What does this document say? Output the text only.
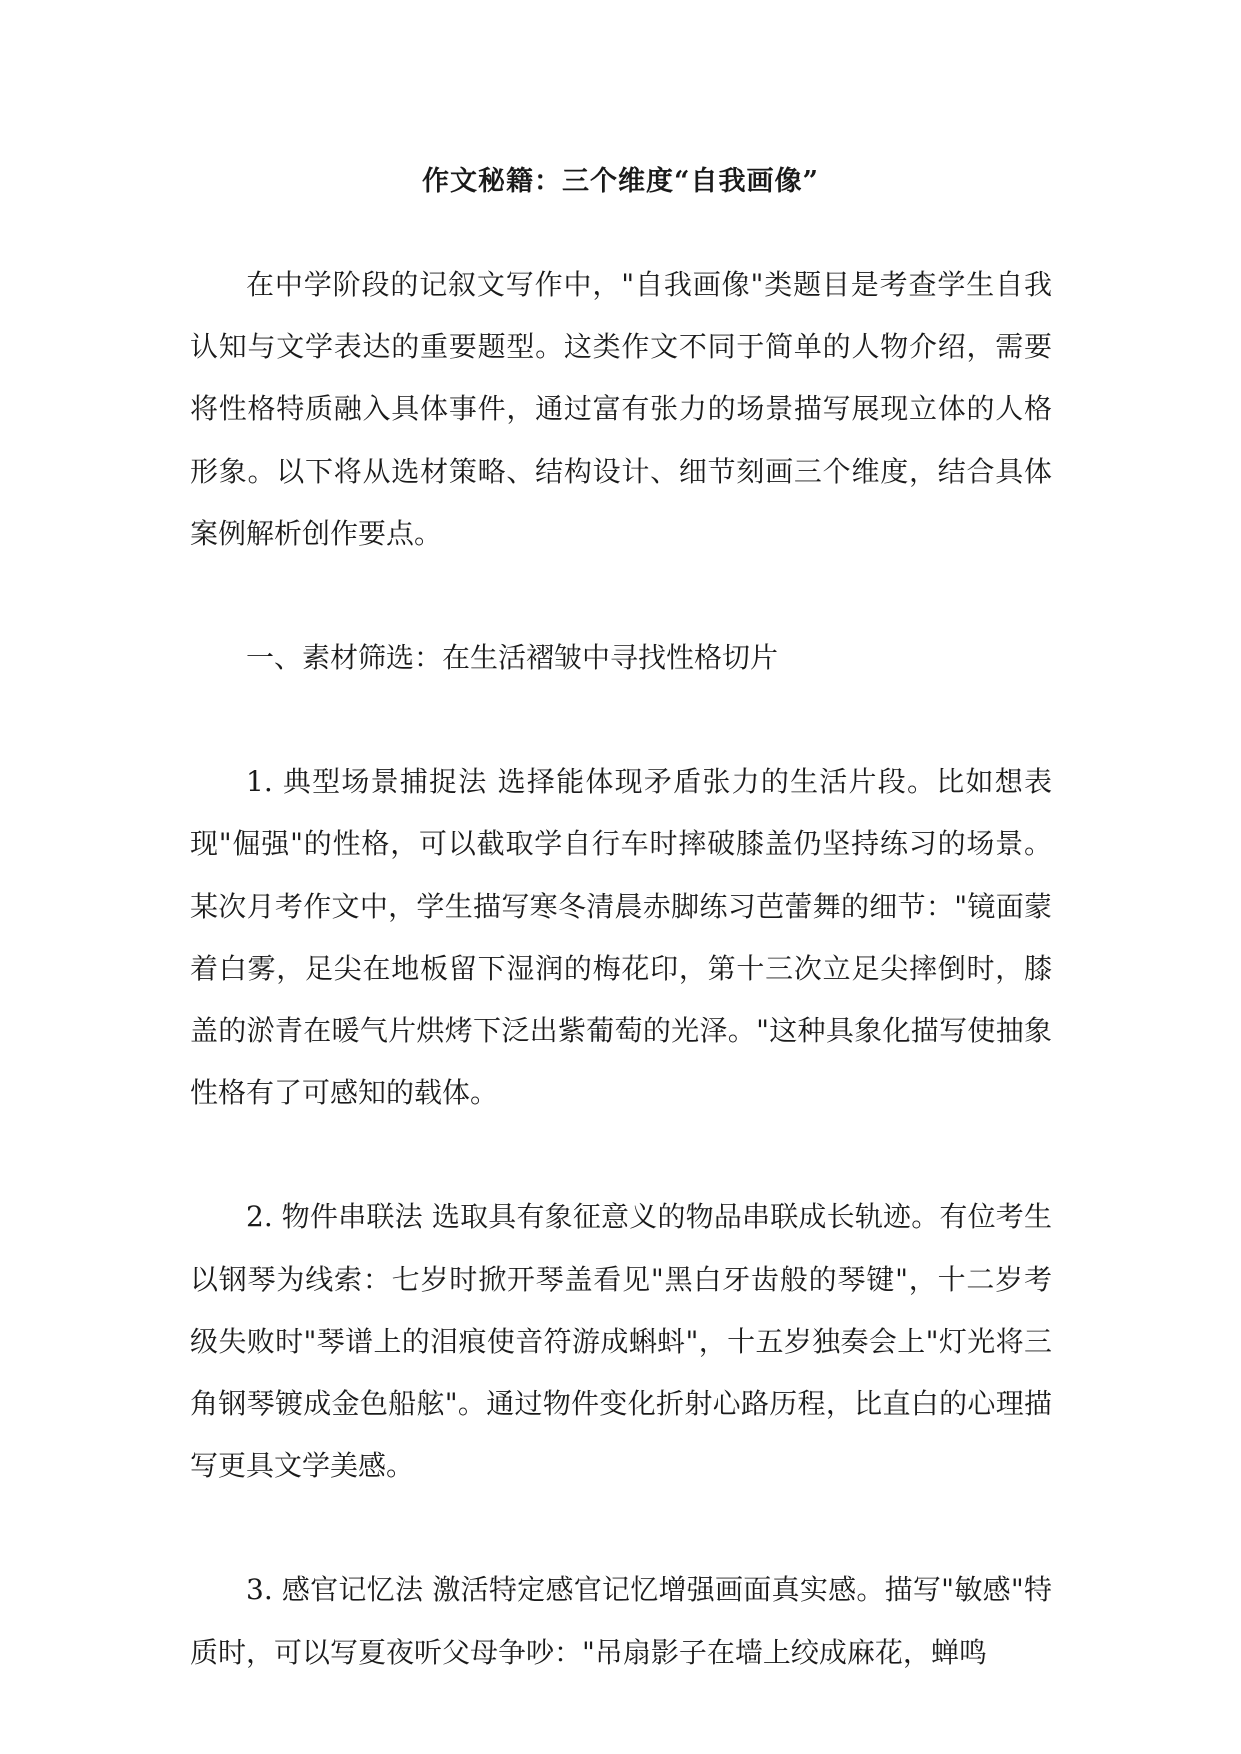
作文秘籍：三个维度“自我画像”

在中学阶段的记叙文写作中，"自我画像"类题目是考查学生自我认知与文学表达的重要题型。这类作文不同于简单的人物介绍，需要将性格特质融入具体事件，通过富有张力的场景描写展现立体的人格形象。以下将从选材策略、结构设计、细节刻画三个维度，结合具体案例解析创作要点。

一、素材筛选：在生活褶皱中寻找性格切片

1. 典型场景捕捉法 选择能体现矛盾张力的生活片段。比如想表现"倔强"的性格，可以截取学自行车时摔破膝盖仍坚持练习的场景。某次月考作文中，学生描写寒冬清晨赤脚练习芭蕾舞的细节："镜面蒙着白雾，足尖在地板留下湿润的梅花印，第十三次立足尖摔倒时，膝盖的淤青在暖气片烘烤下泛出紫葡萄的光泽。"这种具象化描写使抽象性格有了可感知的载体。

2. 物件串联法 选取具有象征意义的物品串联成长轨迹。有位考生以钢琴为线索：七岁时掀开琴盖看见"黑白牙齿般的琴键"，十二岁考级失败时"琴谱上的泪痕使音符游成蝌蚪"，十五岁独奏会上"灯光将三角钢琴镀成金色船舷"。通过物件变化折射心路历程，比直白的心理描写更具文学美感。

3. 感官记忆法 激活特定感官记忆增强画面真实感。描写"敏感"特质时，可以写夏夜听父母争吵："吊扇影子在墙上绞成麻花，蝉鸣
